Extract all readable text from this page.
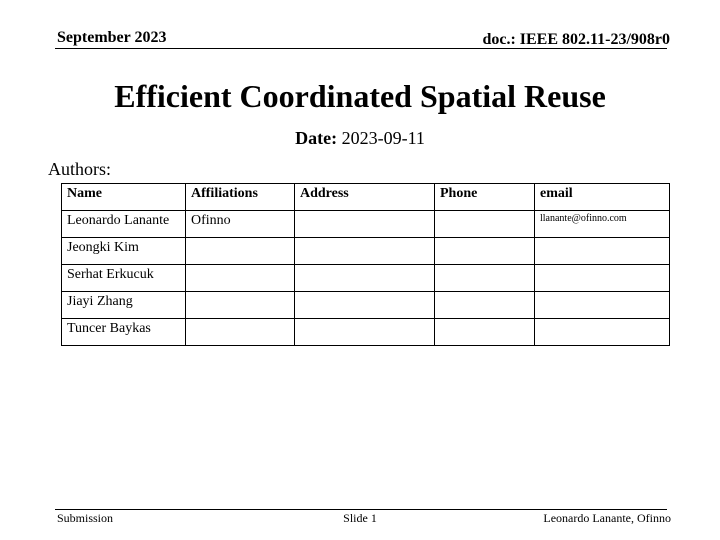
September 2023	doc.: IEEE 802.11-23/908r0
Efficient Coordinated Spatial Reuse
Date: 2023-09-11
Authors:
Name	Affiliations	Address	Phone	email
Leonardo Lanante	Ofinno			llanante@ofinno.com
Jeongki Kim				
Serhat Erkucuk				
Jiayi Zhang				
Tuncer Baykas				
Submission	Slide 1	Leonardo Lanante, Ofinno
